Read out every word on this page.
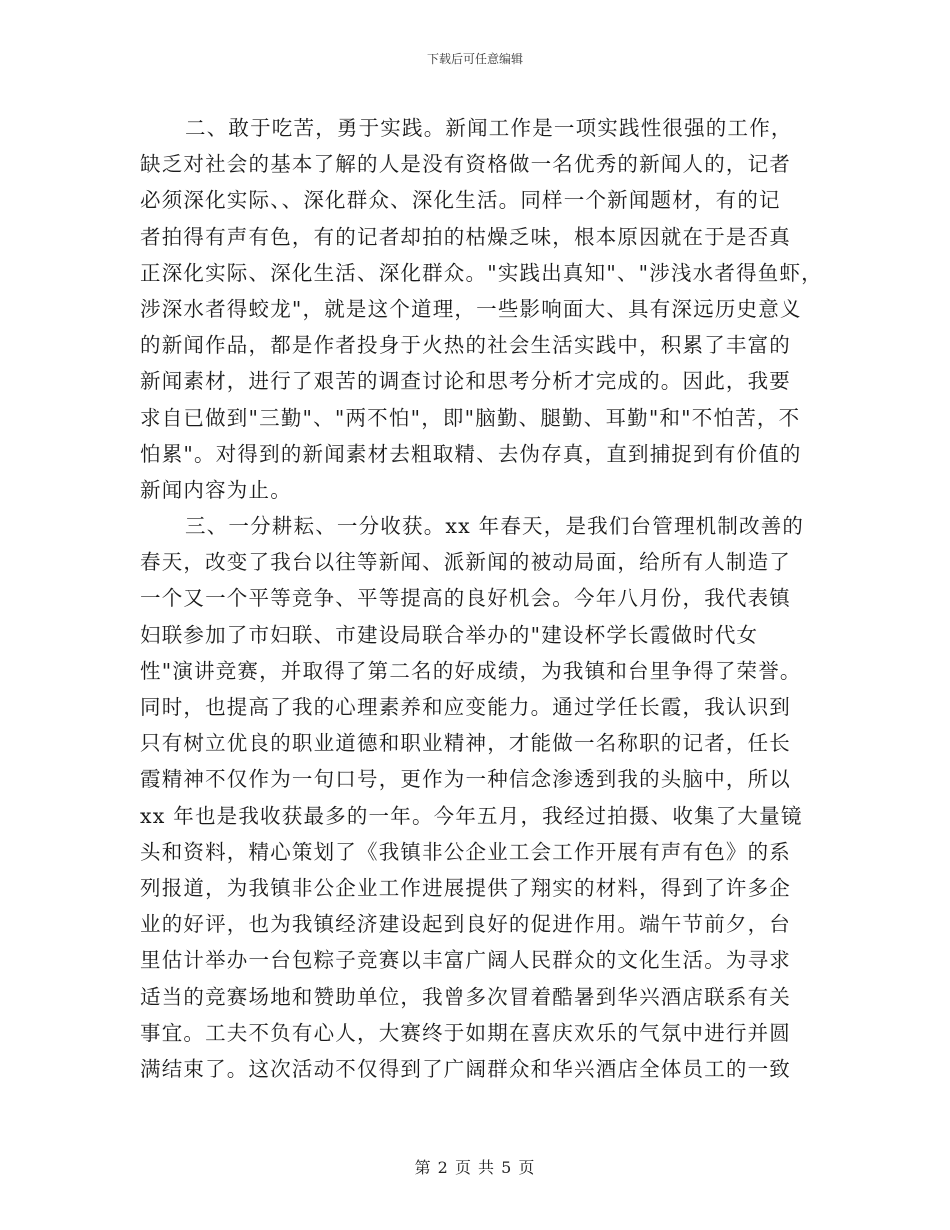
下载后可任意编辑
二、敢于吃苦，勇于实践。新闻工作是一项实践性很强的工作，
缺乏对社会的基本了解的人是没有资格做一名优秀的新闻人的，记者
必须深化实际、、深化群众、深化生活。同样一个新闻题材，有的记
者拍得有声有色，有的记者却拍的枯燥乏味，根本原因就在于是否真
正深化实际、深化生活、深化群众。"实践出真知"、"涉浅水者得鱼虾，
涉深水者得蛟龙"，就是这个道理，一些影响面大、具有深远历史意义
的新闻作品，都是作者投身于火热的社会生活实践中，积累了丰富的
新闻素材，进行了艰苦的调查讨论和思考分析才完成的。因此，我要
求自已做到"三勤"、"两不怕"，即"脑勤、腿勤、耳勤"和"不怕苦，不
怕累"。对得到的新闻素材去粗取精、去伪存真，直到捕捉到有价值的
新闻内容为止。
三、一分耕耘、一分收获。xx 年春天，是我们台管理机制改善的
春天，改变了我台以往等新闻、派新闻的被动局面，给所有人制造了
一个又一个平等竞争、平等提高的良好机会。今年八月份，我代表镇
妇联参加了市妇联、市建设局联合举办的"建设杯学长霞做时代女
性"演讲竞赛，并取得了第二名的好成绩，为我镇和台里争得了荣誉。
同时，也提高了我的心理素养和应变能力。通过学任长霞，我认识到
只有树立优良的职业道德和职业精神，才能做一名称职的记者，任长
霞精神不仅作为一句口号，更作为一种信念渗透到我的头脑中，所以
xx 年也是我收获最多的一年。今年五月，我经过拍摄、收集了大量镜
头和资料，精心策划了《我镇非公企业工会工作开展有声有色》的系
列报道，为我镇非公企业工作进展提供了翔实的材料，得到了许多企
业的好评，也为我镇经济建设起到良好的促进作用。端午节前夕，台
里估计举办一台包粽子竞赛以丰富广阔人民群众的文化生活。为寻求
适当的竞赛场地和赞助单位，我曾多次冒着酷暑到华兴酒店联系有关
事宜。工夫不负有心人，大赛终于如期在喜庆欢乐的气氛中进行并圆
满结束了。这次活动不仅得到了广阔群众和华兴酒店全体员工的一致
第 2 页 共 5 页
